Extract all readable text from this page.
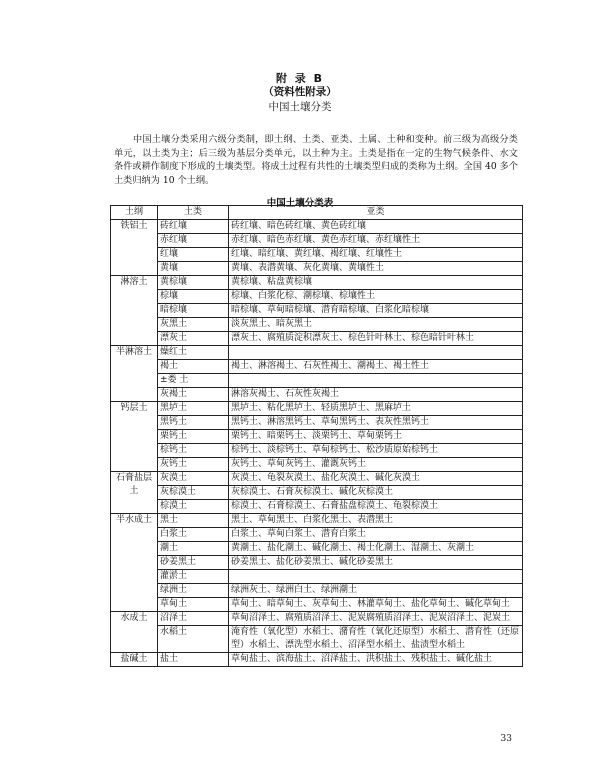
附 录 B
（资料性附录）
中国土壤分类

中国土壤分类采用六级分类制，即土纲、土类、亚类、土属、土种和变种。前三级为高级分类单元，以土类为主；后三级为基层分类单元，以土种为主。土类是指在一定的生物气候条件、水文条件或耕作制度下形成的土壤类型。将成土过程有共性的土壤类型归成的类称为土纲。全国 40 多个土类归纳为 10 个土纲。

中国土壤分类表
土纲	土类	亚类
铁铝土	砖红壤	砖红壤、暗色砖红壤、黄色砖红壤
	赤红壤	赤红壤、暗色赤红壤、黄色赤红壤、赤红壤性土
	红壤	红壤、暗红壤、黄红壤、褐红壤、红壤性土
	黄壤	黄壤、表潜黄壤、灰化黄壤、黄壤性土
淋溶土	黄棕壤	黄棕壤、粘盘黄棕壤
	棕壤	棕壤、白浆化棕、潮棕壤、棕壤性土
	暗棕壤	暗棕壤、草甸暗棕壤、潜育暗棕壤、白浆化暗棕壤
	灰黑土	淡灰黑土、暗灰黑土
	漂灰土	漂灰土、腐殖质淀积漂灰土、棕色针叶林土、棕色暗针叶林土
半淋溶土	燥红土	
	褐土	褐土、淋溶褐土、石灰性褐土、潮褐土、褐土性土
	±娄 土	
	灰褐土	淋溶灰褐土、石灰性灰褐土
钙层土	黑垆土	黑垆土、粘化黑垆土、轻质黑垆土、黑麻垆土
	黑钙土	黑钙土、淋溶黑钙土、草甸黑钙土、表灰性黑钙土
	栗钙土	栗钙土、暗栗钙土、淡栗钙土、草甸栗钙土
	棕钙土	棕钙土、淡棕钙土、草甸棕钙土、松沙质原始棕钙土
	灰钙土	灰钙土、草甸灰钙土、灌溉灰钙土
石膏盐层土	灰漠土	灰漠土、龟裂灰漠土、盐化灰漠土、碱化灰漠土
	灰棕漠土	灰棕漠土、石膏灰棕漠土、碱化灰棕漠土
	棕漠土	棕漠土、石膏棕漠土、石膏盐盘棕漠土、龟裂棕漠土
半水成土	黑土	黑土、草甸黑土、白浆化黑土、表潜黑土
	白浆土	白浆土、草甸白浆土、潜育白浆土
	潮土	黄潮土、盐化潮土、碱化潮土、褐土化潮土、湿潮土、灰潮土
	砂姜黑土	砂姜黑土、盐化砂姜黑土、碱化砂姜黑土
	灌淤土	
	绿洲土	绿洲灰土、绿洲白土、绿洲潮土
	草甸土	草甸土、暗草甸土、灰草甸土、林灌草甸土、盐化草甸土、碱化草甸土
水成土	沼泽土	草甸沼泽土、腐殖质沼泽土、泥炭腐殖质沼泽土、泥炭沼泽土、泥炭土
	水稻土	淹育性（氧化型）水稻土、潴育性（氧化还原型）水稻土、潜育性（还原型）水稻土、漂洗型水稻土、沼泽型水稻土、盐渍型水稻土
盐碱土	盐土	草甸盐土、滨海盐土、沼泽盐土、洪积盐土、残积盐土、碱化盐土
33
